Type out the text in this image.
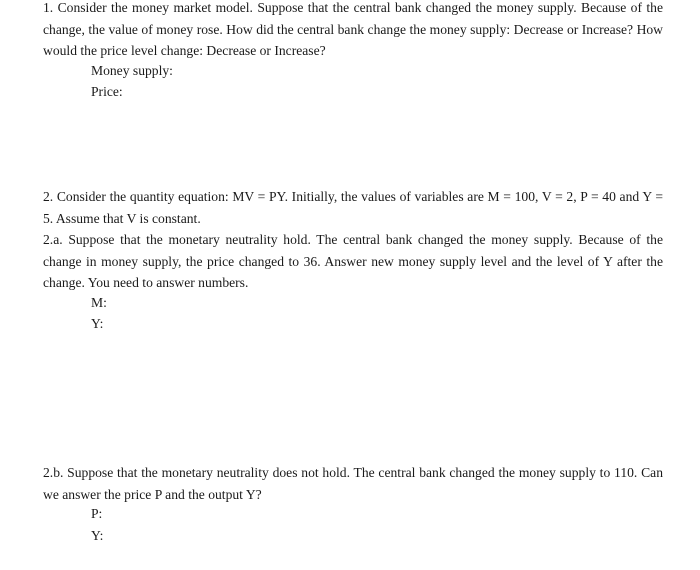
1. Consider the money market model. Suppose that the central bank changed the money supply. Because of the change, the value of money rose. How did the central bank change the money supply: Decrease or Increase? How would the price level change: Decrease or Increase?

Money supply:
Price:

2. Consider the quantity equation: MV = PY. Initially, the values of variables are M = 100, V = 2, P = 40 and Y = 5. Assume that V is constant.

2.a. Suppose that the monetary neutrality hold. The central bank changed the money supply. Because of the change in money supply, the price changed to 36. Answer new money supply level and the level of Y after the change. You need to answer numbers.

M:
Y:

2.b. Suppose that the monetary neutrality does not hold. The central bank changed the money supply to 110. Can we answer the price P and the output Y?

P:
Y:
